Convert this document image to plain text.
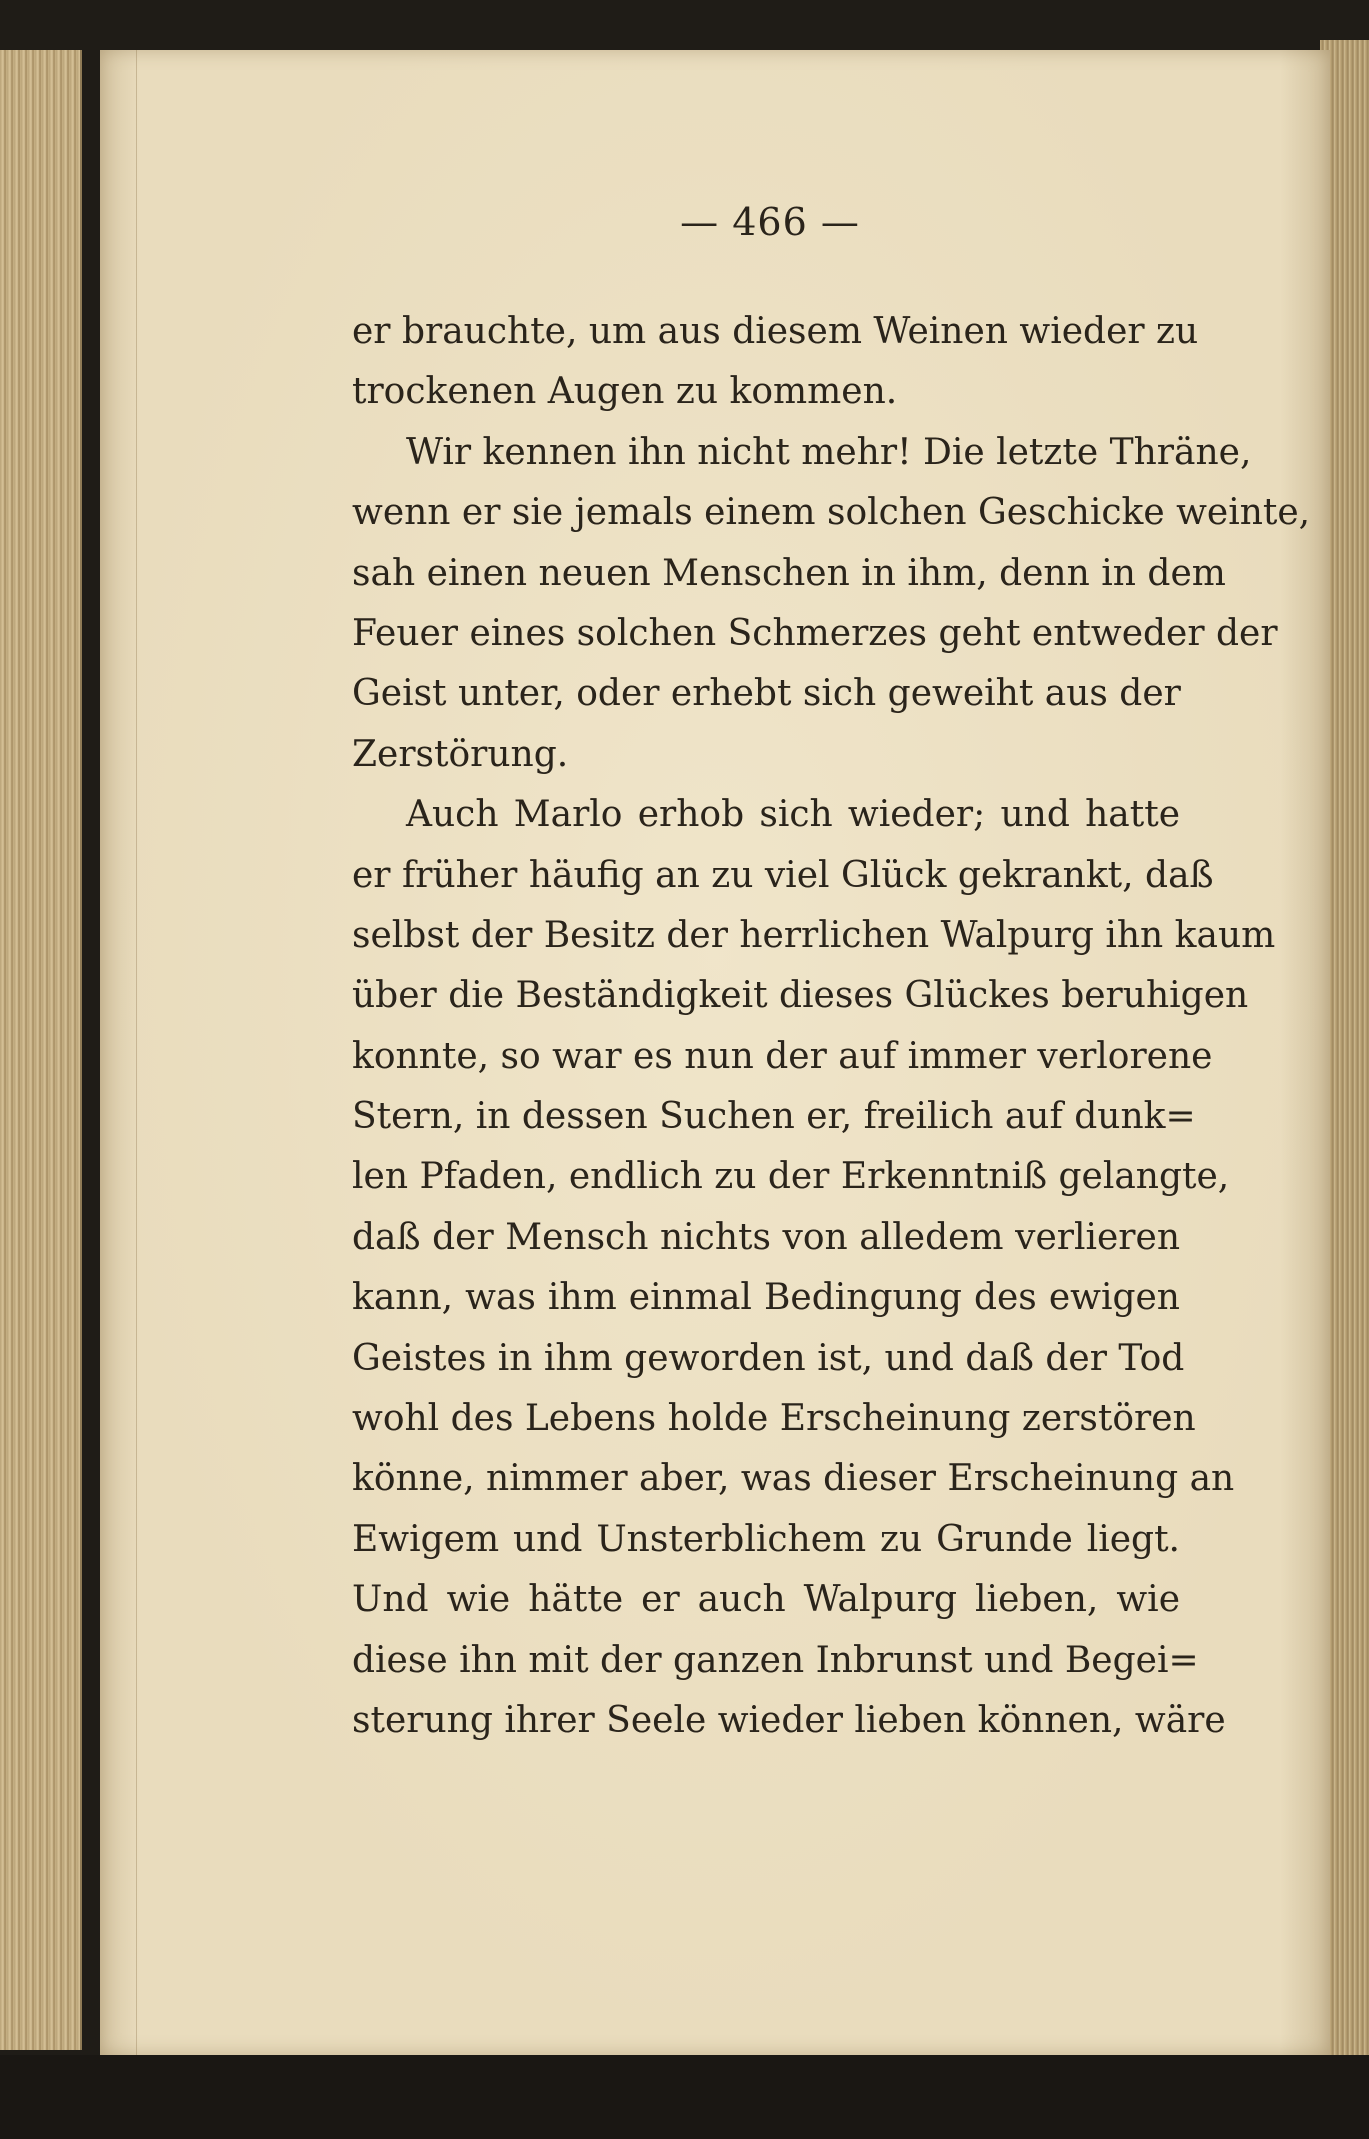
— 466 —
er brauchte, um aus diesem Weinen wieder zu
trockenen Augen zu kommen.
Wir kennen ihn nicht mehr! Die letzte Thräne,
wenn er sie jemals einem solchen Geschicke weinte,
sah einen neuen Menschen in ihm, denn in dem
Feuer eines solchen Schmerzes geht entweder der
Geist unter, oder erhebt sich geweiht aus der
Zerstörung.
Auch Marlo erhob sich wieder; und hatte
er früher häufig an zu viel Glück gekrankt, daß
selbst der Besitz der herrlichen Walpurg ihn kaum
über die Beständigkeit dieses Glückes beruhigen
konnte, so war es nun der auf immer verlorene
Stern, in dessen Suchen er, freilich auf dunk=
len Pfaden, endlich zu der Erkenntniß gelangte,
daß der Mensch nichts von alledem verlieren
kann, was ihm einmal Bedingung des ewigen
Geistes in ihm geworden ist, und daß der Tod
wohl des Lebens holde Erscheinung zerstören
könne, nimmer aber, was dieser Erscheinung an
Ewigem und Unsterblichem zu Grunde liegt.
Und wie hätte er auch Walpurg lieben, wie
diese ihn mit der ganzen Inbrunst und Begei=
sterung ihrer Seele wieder lieben können, wäre
